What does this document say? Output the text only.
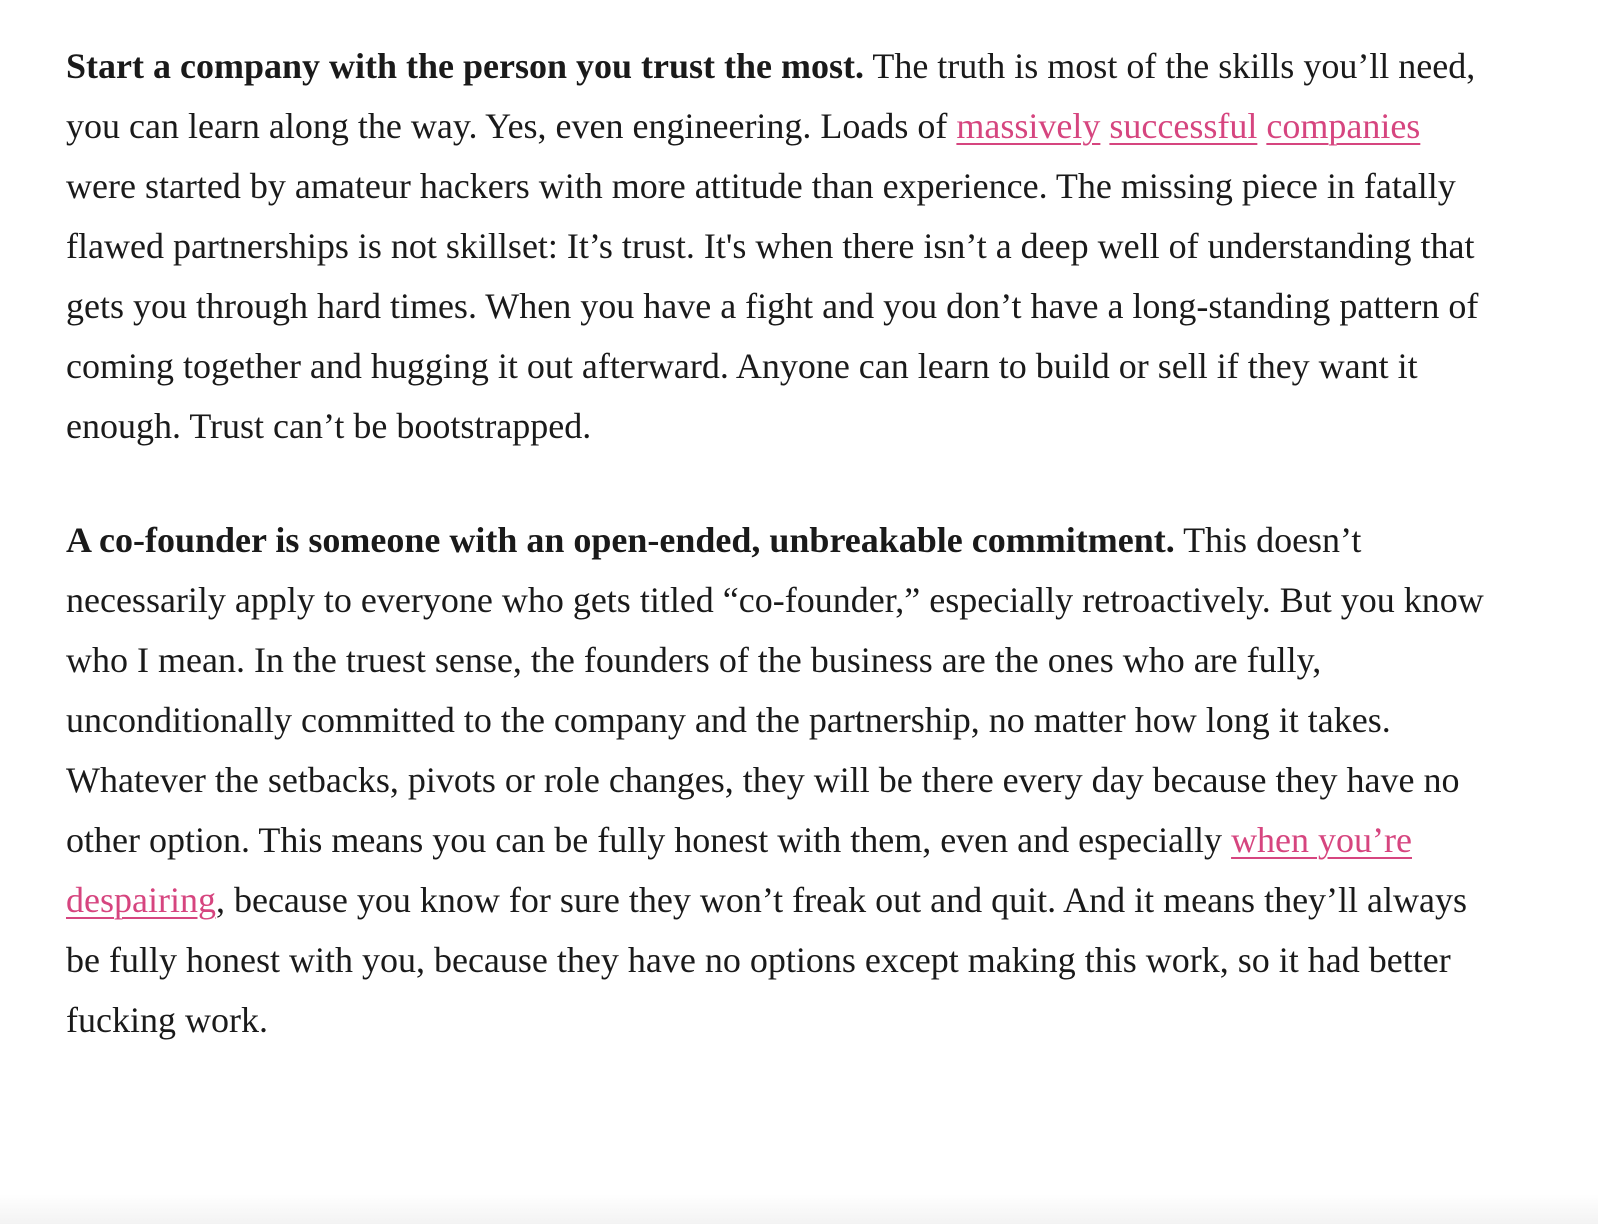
Start a company with the person you trust the most. The truth is most of the skills you’ll need, you can learn along the way. Yes, even engineering. Loads of massively successful companies were started by amateur hackers with more attitude than experience. The missing piece in fatally flawed partnerships is not skillset: It’s trust. It's when there isn’t a deep well of understanding that gets you through hard times. When you have a fight and you don’t have a long-standing pattern of coming together and hugging it out afterward. Anyone can learn to build or sell if they want it enough. Trust can’t be bootstrapped.

A co-founder is someone with an open-ended, unbreakable commitment. This doesn’t necessarily apply to everyone who gets titled “co-founder,” especially retroactively. But you know who I mean. In the truest sense, the founders of the business are the ones who are fully, unconditionally committed to the company and the partnership, no matter how long it takes. Whatever the setbacks, pivots or role changes, they will be there every day because they have no other option. This means you can be fully honest with them, even and especially when you’re despairing, because you know for sure they won’t freak out and quit. And it means they’ll always be fully honest with you, because they have no options except making this work, so it had better fucking work.
